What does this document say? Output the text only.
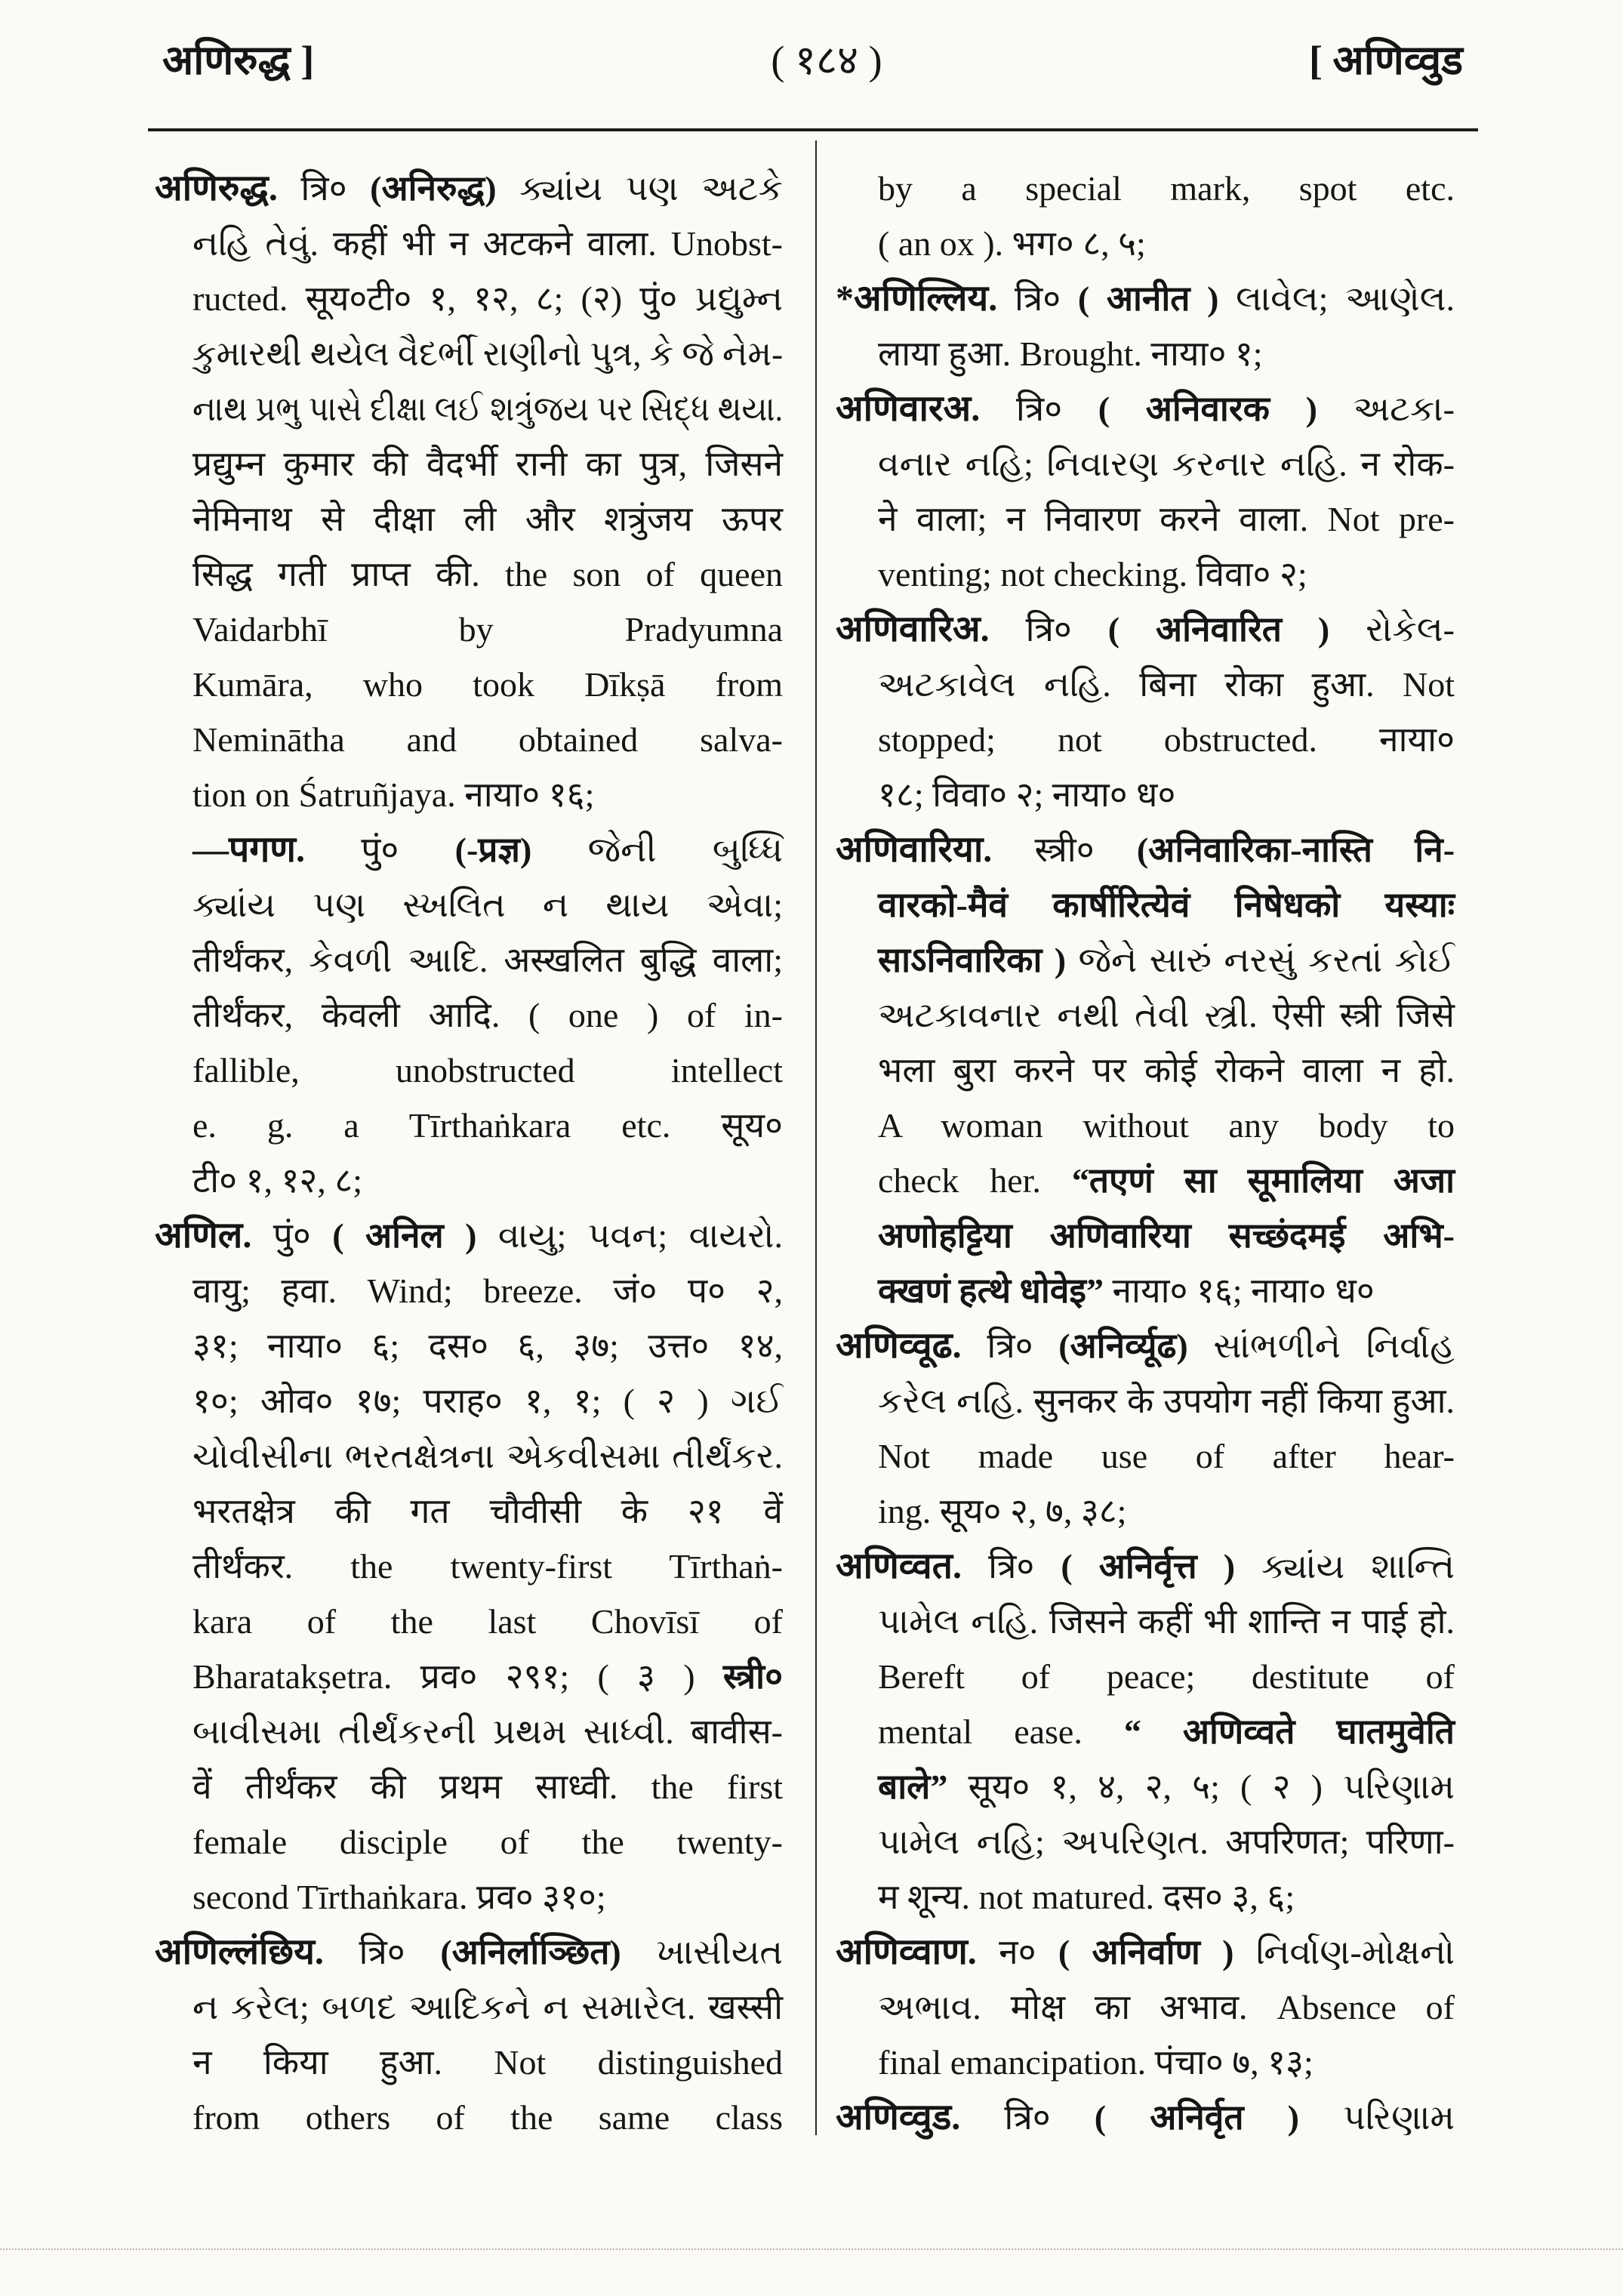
अणिरुद्ध ]	( १८४ )	[ अणिव्वुड
अणिरुद्ध. त्रि० (अनिरुद्ध) ક્યાંય પણ અટકે
નહિ તેવું. कहीं भी न अटकने वाला. Unobst-
ructed. सूय०टी० १, १२, ८; (२) पुं० પ્રદ્યુમ્ન
કુમારથી થયેલ વૈદર્ભી રાણીનો પુત્ર, કે જે નેમ-
નાથ પ્રભુ પાસે દીક્ષા લઈ શત્રુંજય પર સિદ્ધ થયા.
प्रद्युम्न कुमार की वैदर्भी रानी का पुत्र, जिसने
नेमिनाथ से दीक्षा ली और शत्रुंजय ऊपर
सिद्ध गती प्राप्त की. the son of queen
Vaidarbhī by Pradyumna
Kumāra, who took Dīkṣā from
Neminātha and obtained salva-
tion on Śatruñjaya. नाया० १६;
—पगण. पुं० (-प्रज्ञ) જેની બુધ્ધિ
ક્યાંય પણ સ્ખલિત ન થાય એવા;
तीर्थंकर, કેવળી આદિ. अस्खलित बुद्धि वाला;
तीर्थंकर, केवली आदि. ( one ) of in-
fallible, unobstructed intellect
e. g. a Tīrthaṅkara etc. सूय०
टी० १, १२, ८;
अणिल. पुं० ( अनिल ) વાયુ; પવન; વાયરો.
वायु; हवा. Wind; breeze. जं० प० २,
३१; नाया० ६; दस० ६, ३७; उत्त० १४,
१०; ओव० १७; पराह० १, १; ( २ ) ગઈ
ચોવીસીના ભરતક્ષેત્રના એકવીસમા તીર્થંકર.
भरतक्षेत्र की गत चौवीसी के २१ वें
तीर्थंकर. the twenty-first Tīrthaṅ-
kara of the last Chovīsī of
Bharatakṣetra. प्रव० २९१; ( ३ ) स्त्री०
બાવીસમા તીર્થંકરની પ્રથમ સાધ્વી. बावीस-
वें तीर्थंकर की प्रथम साध्वी. the first
female disciple of the twenty-
second Tīrthaṅkara. प्रव० ३१०;
अणिल्लंछिय. त्रि० (अनिर्लाञ्छित) ખાસીયત
ન કરેલ; બળદ આદિકને ન સમારેલ. खस्सी
न किया हुआ. Not distinguished
from others of the same class
by a special mark, spot etc.
( an ox ). भग० ८, ५;
*अणिल्लिय. त्रि० ( आनीत ) લાવેલ; આણેલ.
लाया हुआ. Brought. नाया० १;
अणिवारअ. त्रि० ( अनिवारक ) અટકા-
વનાર નહિ; નિવારણ કરનાર નહિ. न रोक-
ने वाला; न निवारण करने वाला. Not pre-
venting; not checking. विवा० २;
अणिवारिअ. त्रि० ( अनिवारित ) રોકેલ-
અટકાવેલ નહિ. बिना रोका हुआ. Not
stopped; not obstructed. नाया०
१८; विवा० २; नाया० ध०
अणिवारिया. स्त्री० (अनिवारिका-नास्ति नि-
वारको-मैवं कार्षीरित्येवं निषेधको यस्याः
साऽनिवारिका ) જેને સારું નરસું કરતાં કોઈ
અટકાવનાર નથી તેવી સ્ત્રી. ऐसी स्त्री जिसे
भला बुरा करने पर कोई रोकने वाला न हो.
A woman without any body to
check her. “तएणं सा सूमालिया अजा
अणोहट्टिया अणिवारिया सच्छंदमई अभि-
क्खणं हत्थे धोवेइ” नाया० १६; नाया० ध०
अणिव्वूढ. त्रि० (अनिर्व्यूढ) સાંભળીને નિર્વાહ
કરેલ નહિ. सुनकर के उपयोग नहीं किया हुआ.
Not made use of after hear-
ing. सूय० २, ७, ३८;
अणिव्वत. त्रि० ( अनिर्वृत्त ) ક્યાંય શાન્તિ
પામેલ નહિ. जिसने कहीं भी शान्ति न पाई हो.
Bereft of peace; destitute of
mental ease. “ अणिव्वते घातमुवेति
बाले” सूय० १, ४, २, ५; ( २ ) પરિણામ
પામેલ નહિ; અપરિણત. अपरिणत; परिणा-
म शून्य. not matured. दस० ३, ६;
अणिव्वाण. न० ( अनिर्वाण ) નિર્વાણ-મોક્ષનો
અભાવ. मोक्ष का अभाव. Absence of
final emancipation. पंचा० ७, १३;
अणिव्वुड. त्रि० ( अनिर्वृत ) પરિણામ
